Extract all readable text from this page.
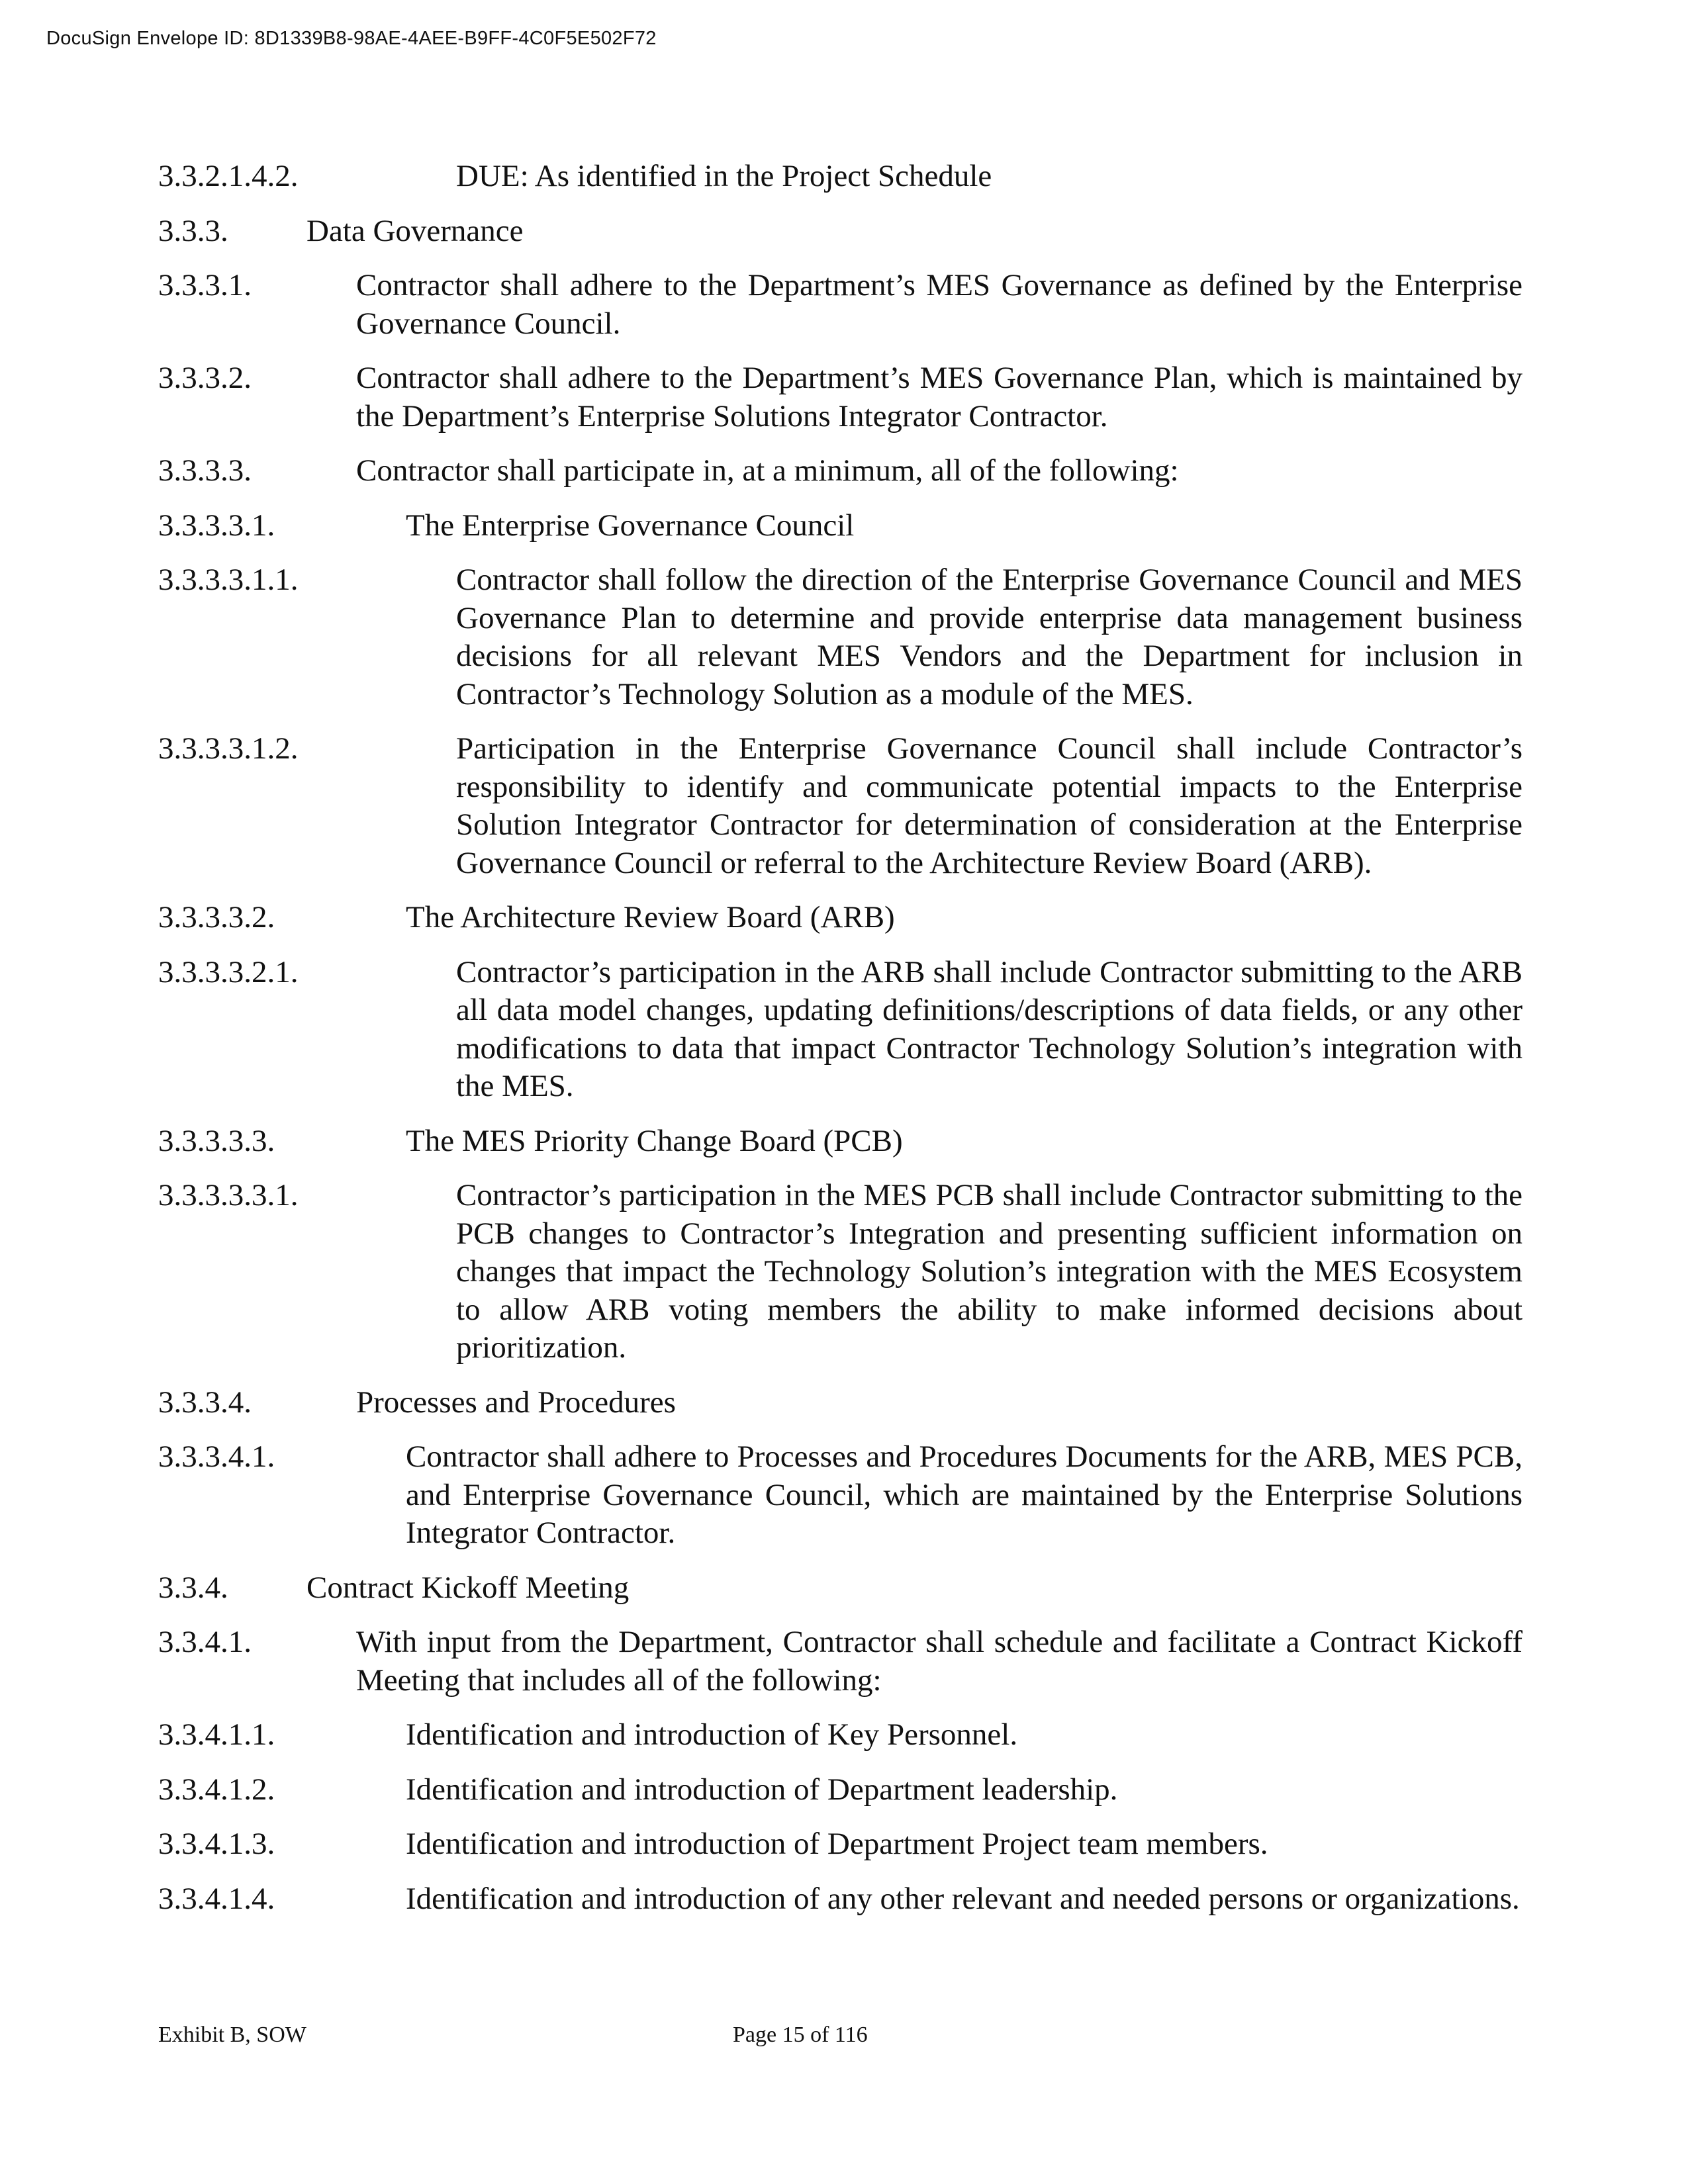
DocuSign Envelope ID: 8D1339B8-98AE-4AEE-B9FF-4C0F5E502F72
3.3.2.1.4.2.	DUE: As identified in the Project Schedule
3.3.3.	Data Governance
3.3.3.1.	Contractor shall adhere to the Department’s MES Governance as defined by the Enterprise Governance Council.
3.3.3.2.	Contractor shall adhere to the Department’s MES Governance Plan, which is maintained by the Department’s Enterprise Solutions Integrator Contractor.
3.3.3.3.	Contractor shall participate in, at a minimum, all of the following:
3.3.3.3.1.	The Enterprise Governance Council
3.3.3.3.1.1.	Contractor shall follow the direction of the Enterprise Governance Council and MES Governance Plan to determine and provide enterprise data management business decisions for all relevant MES Vendors and the Department for inclusion in Contractor’s Technology Solution as a module of the MES.
3.3.3.3.1.2.	Participation in the Enterprise Governance Council shall include Contractor’s responsibility to identify and communicate potential impacts to the Enterprise Solution Integrator Contractor for determination of consideration at the Enterprise Governance Council or referral to the Architecture Review Board (ARB).
3.3.3.3.2.	The Architecture Review Board (ARB)
3.3.3.3.2.1.	Contractor’s participation in the ARB shall include Contractor submitting to the ARB all data model changes, updating definitions/descriptions of data fields, or any other modifications to data that impact Contractor Technology Solution’s integration with the MES.
3.3.3.3.3.	The MES Priority Change Board (PCB)
3.3.3.3.3.1.	Contractor’s participation in the MES PCB shall include Contractor submitting to the PCB changes to Contractor’s Integration and presenting sufficient information on changes that impact the Technology Solution’s integration with the MES Ecosystem to allow ARB voting members the ability to make informed decisions about prioritization.
3.3.3.4.	Processes and Procedures
3.3.3.4.1.	Contractor shall adhere to Processes and Procedures Documents for the ARB, MES PCB, and Enterprise Governance Council, which are maintained by the Enterprise Solutions Integrator Contractor.
3.3.4.	Contract Kickoff Meeting
3.3.4.1.	With input from the Department, Contractor shall schedule and facilitate a Contract Kickoff Meeting that includes all of the following:
3.3.4.1.1.	Identification and introduction of Key Personnel.
3.3.4.1.2.	Identification and introduction of Department leadership.
3.3.4.1.3.	Identification and introduction of Department Project team members.
3.3.4.1.4.	Identification and introduction of any other relevant and needed persons or organizations.
Exhibit B, SOW	Page 15 of 116
